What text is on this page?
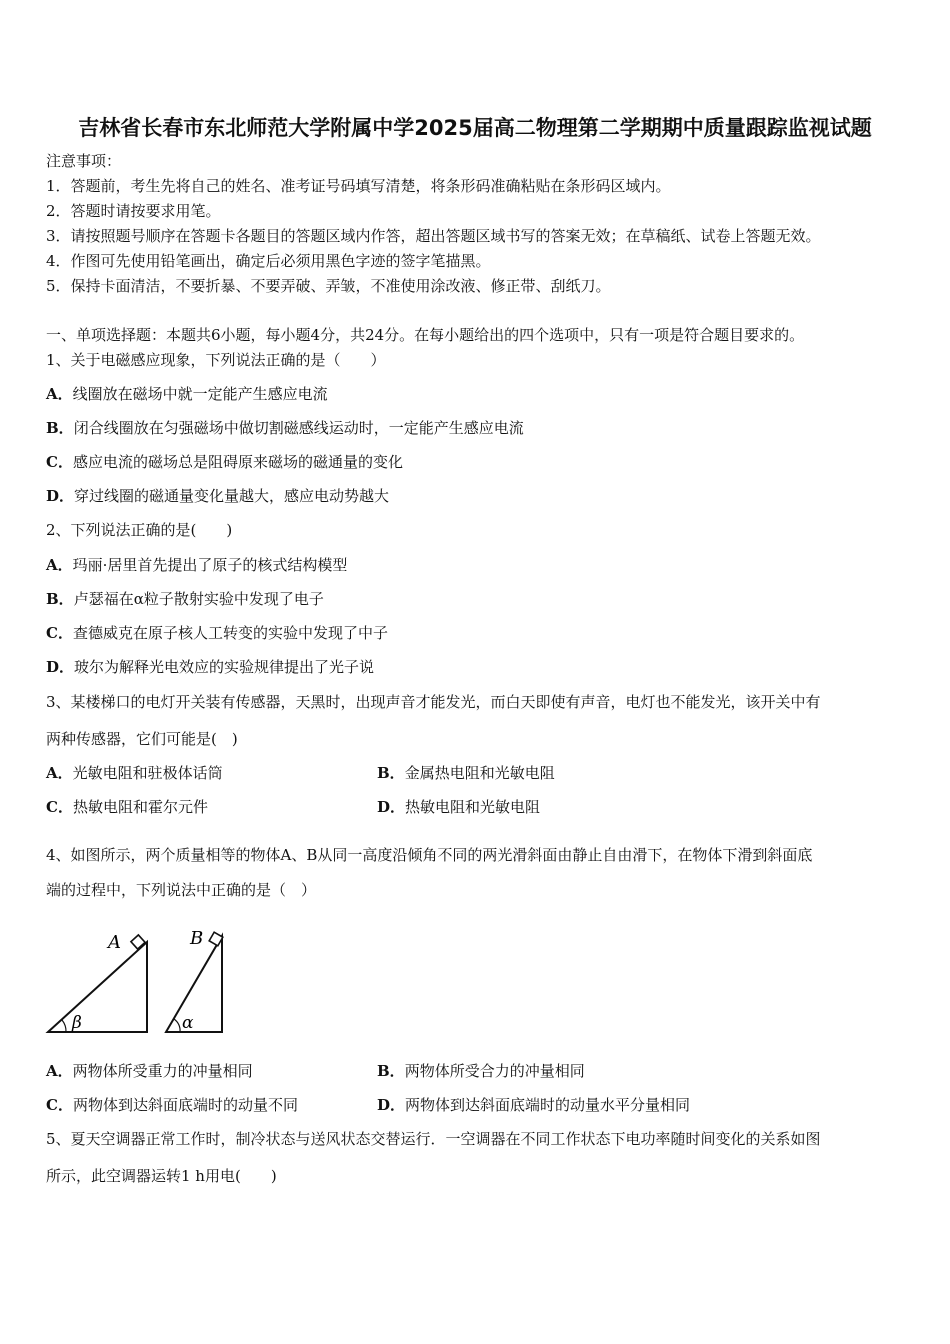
吉林省长春市东北师范大学附属中学2025届高二物理第二学期期中质量跟踪监视试题
注意事项：
1．答题前，考生先将自己的姓名、准考证号码填写清楚，将条形码准确粘贴在条形码区域内。
2．答题时请按要求用笔。
3．请按照题号顺序在答题卡各题目的答题区域内作答，超出答题区域书写的答案无效；在草稿纸、试卷上答题无效。
4．作图可先使用铅笔画出，确定后必须用黑色字迹的签字笔描黑。
5．保持卡面清洁，不要折暴、不要弄破、弄皱，不准使用涂改液、修正带、刮纸刀。
一、单项选择题：本题共6小题，每小题4分，共24分。在每小题给出的四个选项中，只有一项是符合题目要求的。
1、关于电磁感应现象，下列说法正确的是（　　）
A．线圈放在磁场中就一定能产生感应电流
B．闭合线圈放在匀强磁场中做切割磁感线运动时，一定能产生感应电流
C．感应电流的磁场总是阻碍原来磁场的磁通量的变化
D．穿过线圈的磁通量变化量越大，感应电动势越大
2、下列说法正确的是(　　)
A．玛丽·居里首先提出了原子的核式结构模型
B．卢瑟福在α粒子散射实验中发现了电子
C．查德威克在原子核人工转变的实验中发现了中子
D．玻尔为解释光电效应的实验规律提出了光子说
3、某楼梯口的电灯开关装有传感器，天黑时，出现声音才能发光，而白天即使有声音，电灯也不能发光，该开关中有
两种传感器，它们可能是(　)
A．光敏电阻和驻极体话筒	B．金属热电阻和光敏电阻
C．热敏电阻和霍尔元件	D．热敏电阻和光敏电阻
4、如图所示，两个质量相等的物体A、B从同一高度沿倾角不同的两光滑斜面由静止自由滑下，在物体下滑到斜面底
端的过程中，下列说法中正确的是（　）
A
β
B
α
A．两物体所受重力的冲量相同	B．两物体所受合力的冲量相同
C．两物体到达斜面底端时的动量不同	D．两物体到达斜面底端时的动量水平分量相同
5、夏天空调器正常工作时，制冷状态与送风状态交替运行．一空调器在不同工作状态下电功率随时间变化的关系如图
所示，此空调器运转1 h用电(　　)
